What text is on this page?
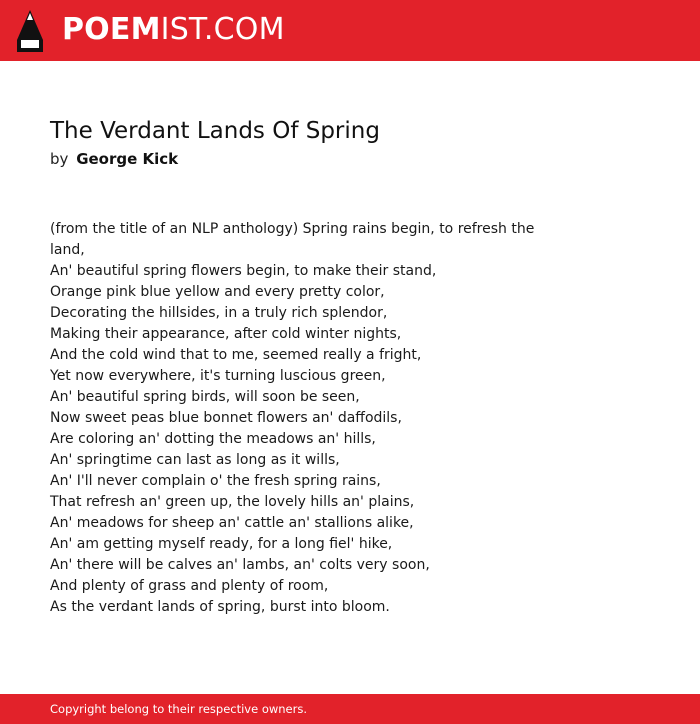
POEMIST.COM
The Verdant Lands Of Spring
by George Kick
(from the title of an NLP anthology) Spring rains begin, to refresh the
land,
An' beautiful spring flowers begin, to make their stand,
Orange pink blue yellow and every pretty color,
Decorating the hillsides, in a truly rich splendor,
Making their appearance, after cold winter nights,
And the cold wind that to me, seemed really a fright,
Yet now everywhere, it's turning luscious green,
An' beautiful spring birds, will soon be seen,
Now sweet peas blue bonnet flowers an' daffodils,
Are coloring an' dotting the meadows an' hills,
An' springtime can last as long as it wills,
An' I'll never complain o' the fresh spring rains,
That refresh an' green up, the lovely hills an' plains,
An' meadows for sheep an' cattle an' stallions alike,
An' am getting myself ready, for a long fiel' hike,
An' there will be calves an' lambs, an' colts very soon,
And plenty of grass and plenty of room,
As the verdant lands of spring, burst into bloom.
Copyright belong to their respective owners.
